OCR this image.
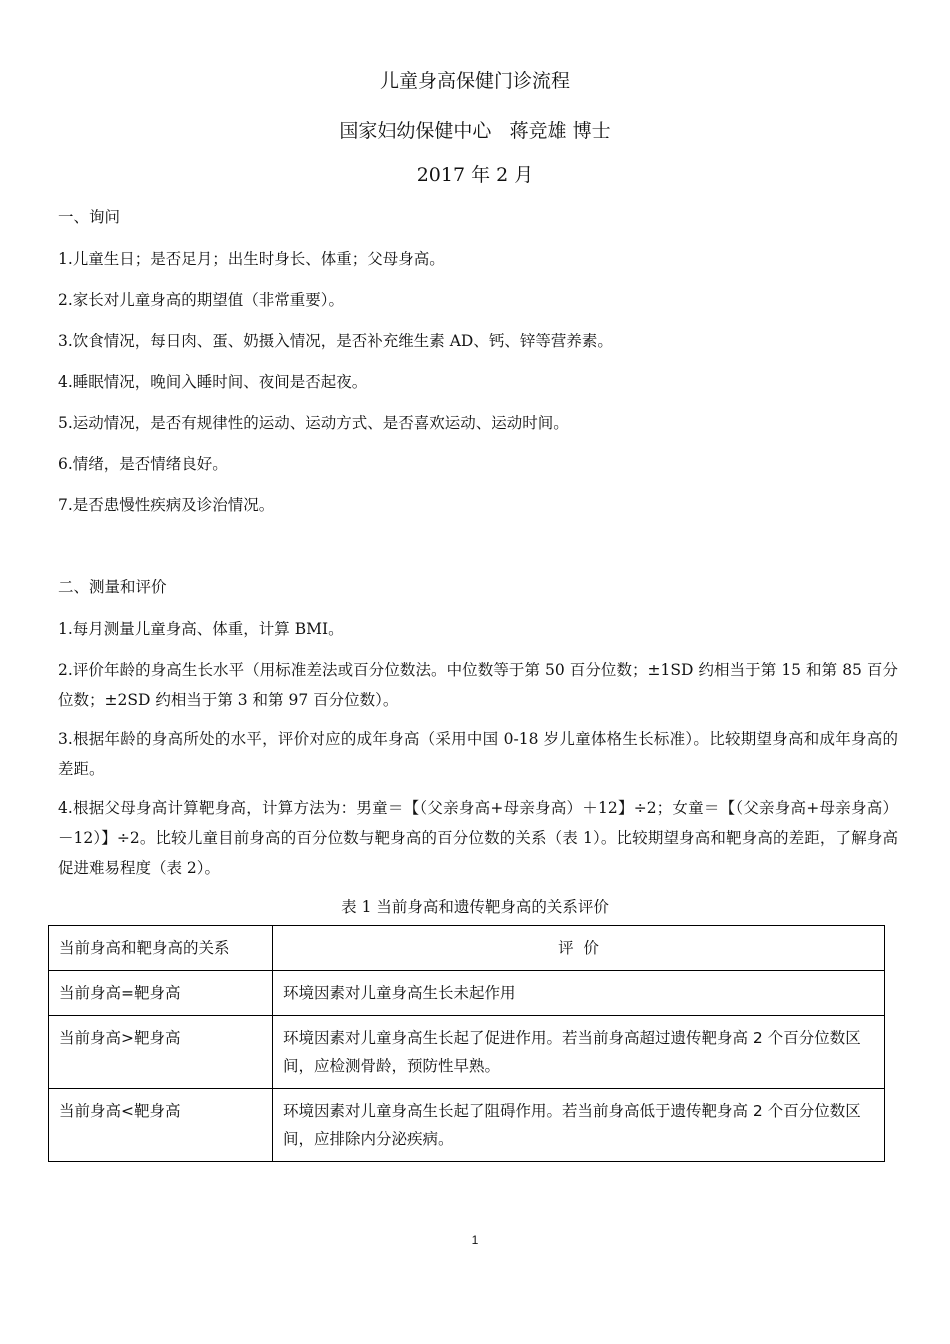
儿童身高保健门诊流程
国家妇幼保健中心   蒋竞雄 博士
2017 年 2 月
一、询问
1.儿童生日；是否足月；出生时身长、体重；父母身高。
2.家长对儿童身高的期望值（非常重要）。
3.饮食情况，每日肉、蛋、奶摄入情况，是否补充维生素 AD、钙、锌等营养素。
4.睡眠情况，晚间入睡时间、夜间是否起夜。
5.运动情况，是否有规律性的运动、运动方式、是否喜欢运动、运动时间。
6.情绪，是否情绪良好。
7.是否患慢性疾病及诊治情况。
二、测量和评价
1.每月测量儿童身高、体重，计算 BMI。
2.评价年龄的身高生长水平（用标准差法或百分位数法。中位数等于第 50 百分位数；±1SD 约相当于第 15 和第 85 百分位数；±2SD 约相当于第 3 和第 97 百分位数）。
3.根据年龄的身高所处的水平，评价对应的成年身高（采用中国 0-18 岁儿童体格生长标准）。比较期望身高和成年身高的差距。
4.根据父母身高计算靶身高，计算方法为：男童＝【（父亲身高+母亲身高）＋12】÷2；女童＝【（父亲身高+母亲身高）－12）】÷2。比较儿童目前身高的百分位数与靶身高的百分位数的关系（表 1）。比较期望身高和靶身高的差距，了解身高促进难易程度（表 2）。
表 1 当前身高和遗传靶身高的关系评价
当前身高和靶身高的关系	评  价
当前身高=靶身高	环境因素对儿童身高生长未起作用
当前身高>靶身高	环境因素对儿童身高生长起了促进作用。若当前身高超过遗传靶身高 2 个百分位数区间，应检测骨龄，预防性早熟。
当前身高<靶身高	环境因素对儿童身高生长起了阻碍作用。若当前身高低于遗传靶身高 2 个百分位数区间，应排除内分泌疾病。
1
